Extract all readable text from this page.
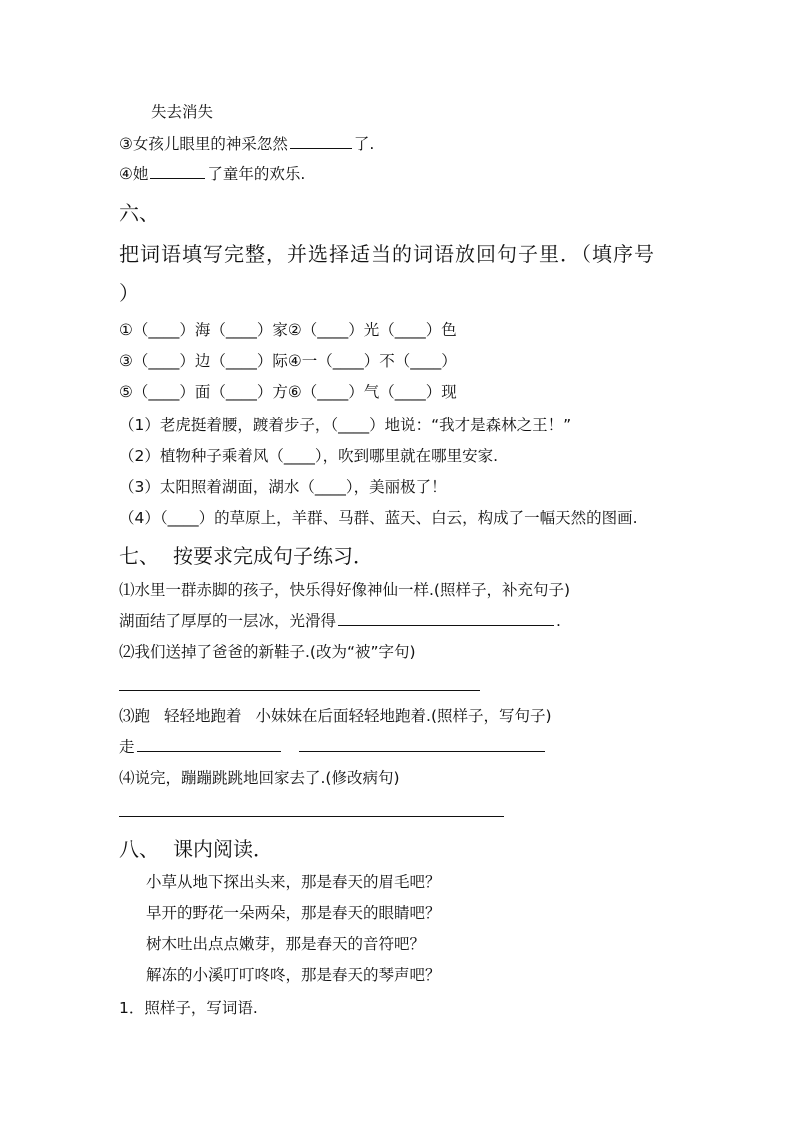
失去消失
③女孩儿眼里的神采忽然	了.
④她	了童年的欢乐.
六、
把词语填写完整，并选择适当的词语放回句子里．（填序号
）
①（____）海（____）家②（____）光（____）色
③（____）边（____）际④一（____）不（____）
⑤（____）面（____）方⑥（____）气（____）现
（1）老虎挺着腰，踱着步子，（____）地说：“我才是森林之王！”
（2）植物种子乘着风（____），吹到哪里就在哪里安家.
（3）太阳照着湖面，湖水（____），美丽极了！
（4）（____）的草原上，羊群、马群、蓝天、白云，构成了一幅天然的图画.
七、 按要求完成句子练习．
⑴水里一群赤脚的孩子，快乐得好像神仙一样.(照样子，补充句子)
湖面结了厚厚的一层冰，光滑得	.
⑵我们送掉了爸爸的新鞋子.(改为“被”字句)
⑶跑 轻轻地跑着 小妹妹在后面轻轻地跑着.(照样子，写句子)
走
⑷说完，蹦蹦跳跳地回家去了.(修改病句)
八、 课内阅读．
小草从地下探出头来，那是春天的眉毛吧？
早开的野花一朵两朵，那是春天的眼睛吧？
树木吐出点点嫩芽，那是春天的音符吧？
解冻的小溪叮叮咚咚，那是春天的琴声吧？
1．照样子，写词语.
